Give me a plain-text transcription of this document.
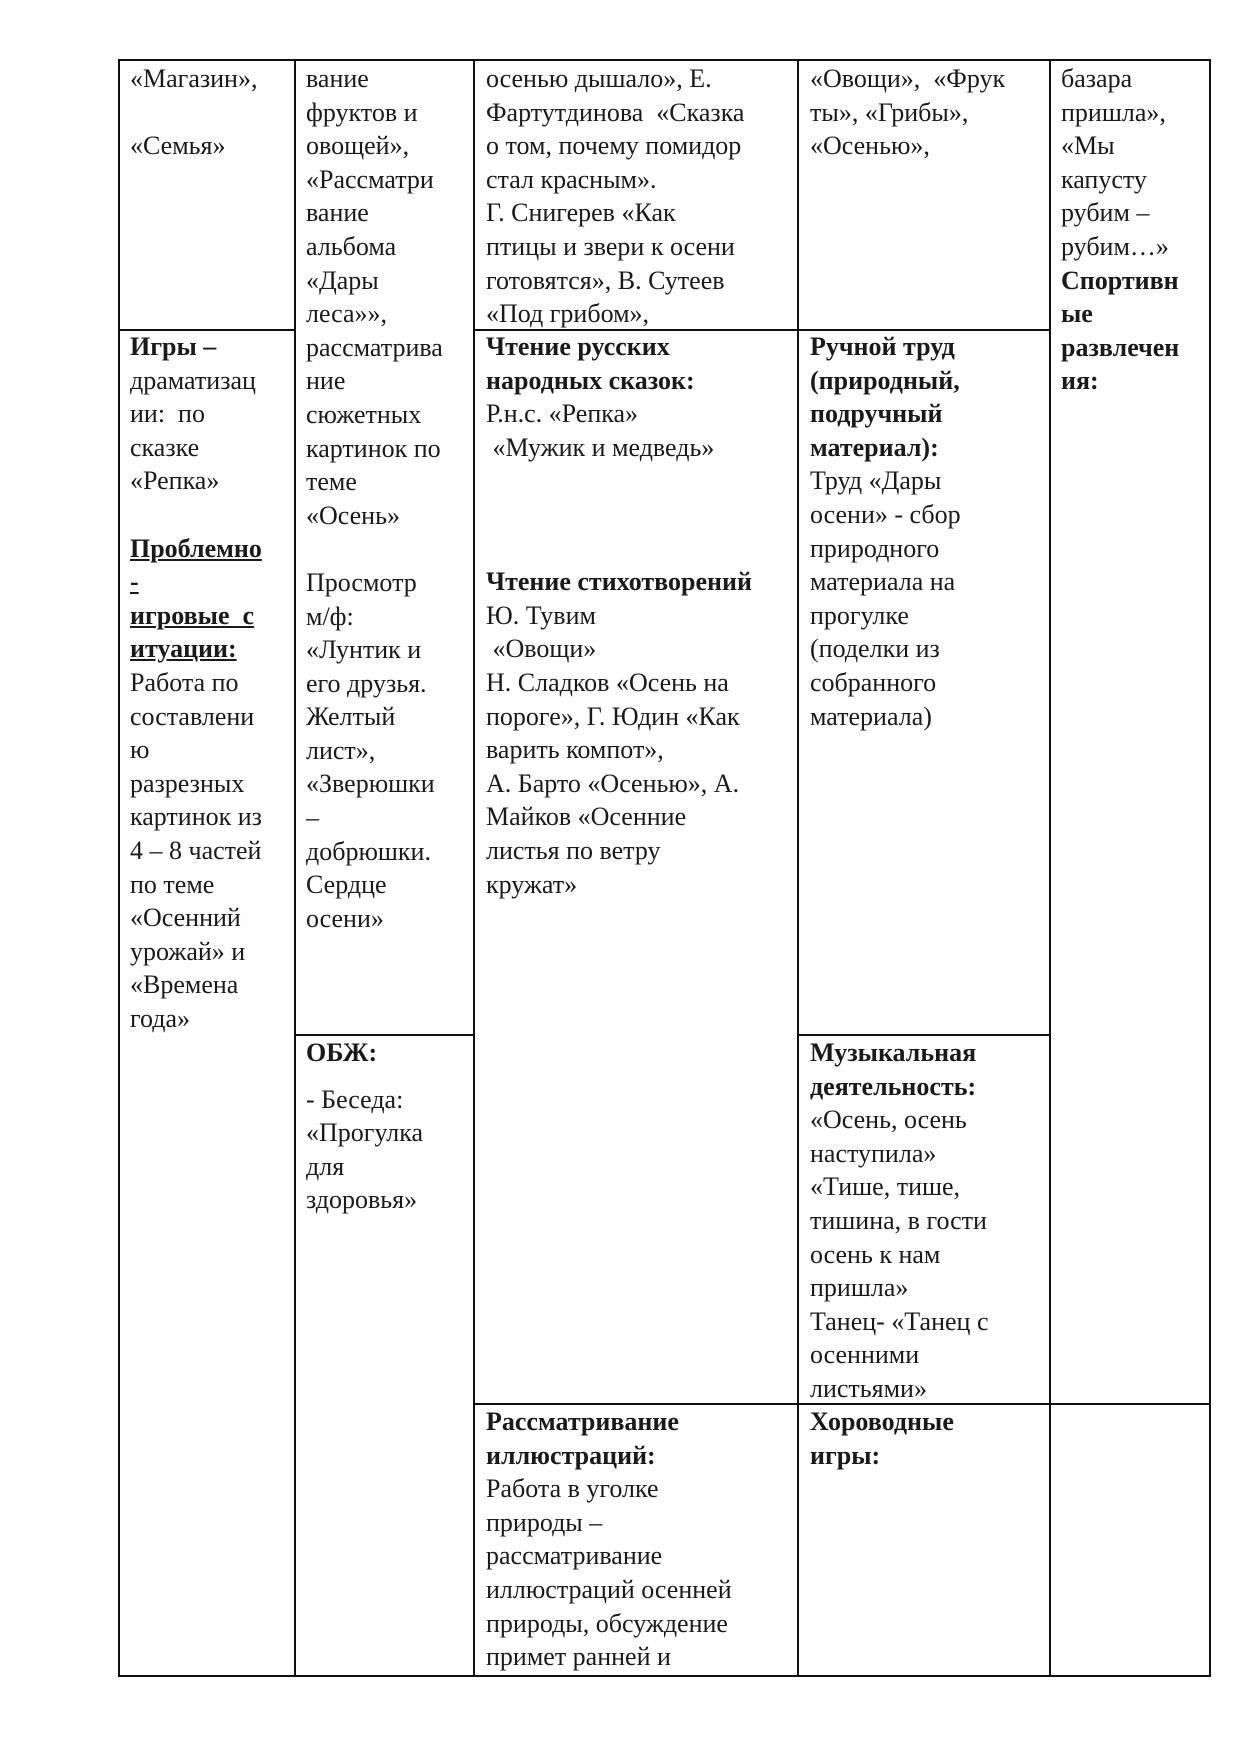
«Магазин»,

«Семья»
Игры –
драматизац
ии:  по
сказке
«Репка»

Проблемно
-
игровые  с
итуации:
Работа по
составлени
ю
разрезных
картинок из
4 – 8 частей
по теме
«Осенний
урожай» и
«Времена
года»
вание
фруктов и
овощей»,
«Рассматри
вание
альбома
«Дары
леса»»,
рассматрива
ние
сюжетных
картинок по
теме
«Осень»

Просмотр
м/ф:
«Лунтик и
его друзья.
Желтый
лист»,
«Зверюшки
–
добрюшки.
Сердце
осени»
ОБЖ:
- Беседа:
«Прогулка
для
здоровья»
осенью дышало», Е.
Фартутдинова  «Сказка
о том, почему помидор
стал красным».
Г. Снигерев «Как
птицы и звери к осени
готовятся», В. Сутеев
«Под грибом»,
Чтение русских
народных сказок:
Р.н.с. «Репка»
«Мужик и медведь»

Чтение стихотворений
Ю. Тувим
«Овощи»
Н. Сладков «Осень на
пороге», Г. Юдин «Как
варить компот»,
А. Барто «Осенью», А.
Майков «Осенние
листья по ветру
кружат»
Рассматривание
иллюстраций:
Работа в уголке
природы –
рассматривание
иллюстраций осенней
природы, обсуждение
примет ранней и
«Овощи»,  «Фрук
ты», «Грибы»,
«Осенью»,
Ручной труд
(природный,
подручный
материал):
Труд «Дары
осени» - сбор
природного
материала на
прогулке
(поделки из
собранного
материала)
Музыкальная
деятельность:
«Осень, осень
наступила»
«Тише, тише,
тишина, в гости
осень к нам
пришла»
Танец- «Танец с
осенними
листьями»
Хороводные
игры:
базара
пришла»,
«Мы
капусту
рубим –
рубим…»
Спортивн
ые
развлечен
ия:
